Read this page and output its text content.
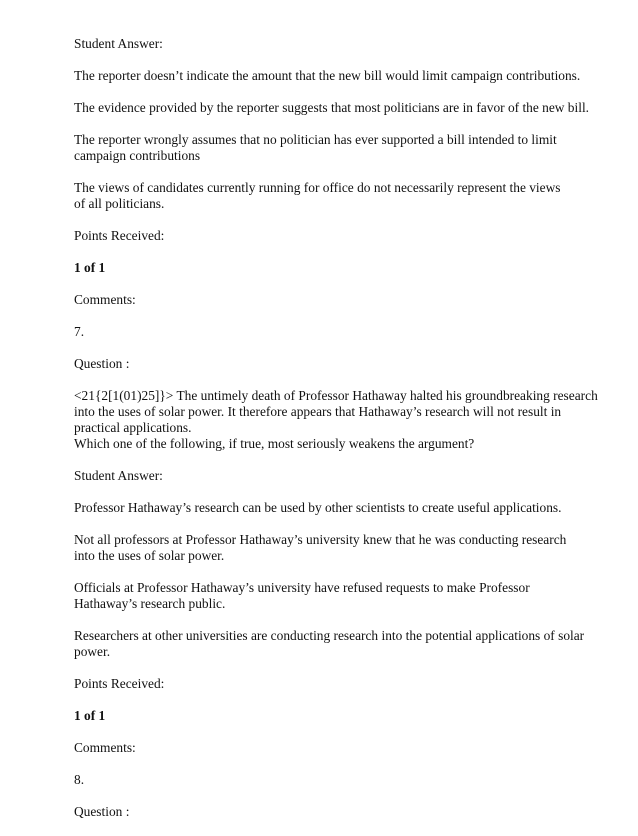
Student Answer:

The reporter doesn’t indicate the amount that the new bill would limit campaign contributions.

The evidence provided by the reporter suggests that most politicians are in favor of the new bill.

The reporter wrongly assumes that no politician has ever supported a bill intended to limit campaign contributions

The views of candidates currently running for office do not necessarily represent the views of all politicians.

Points Received:

1 of 1

Comments:

7.

Question :

<21{2[1(01)25]}> The untimely death of Professor Hathaway halted his groundbreaking research into the uses of solar power. It therefore appears that Hathaway’s research will not result in practical applications.
Which one of the following, if true, most seriously weakens the argument?

Student Answer:

Professor Hathaway’s research can be used by other scientists to create useful applications.

Not all professors at Professor Hathaway’s university knew that he was conducting research into the uses of solar power.

Officials at Professor Hathaway’s university have refused requests to make Professor Hathaway’s research public.

Researchers at other universities are conducting research into the potential applications of solar power.

Points Received:

1 of 1

Comments:

8.

Question :
